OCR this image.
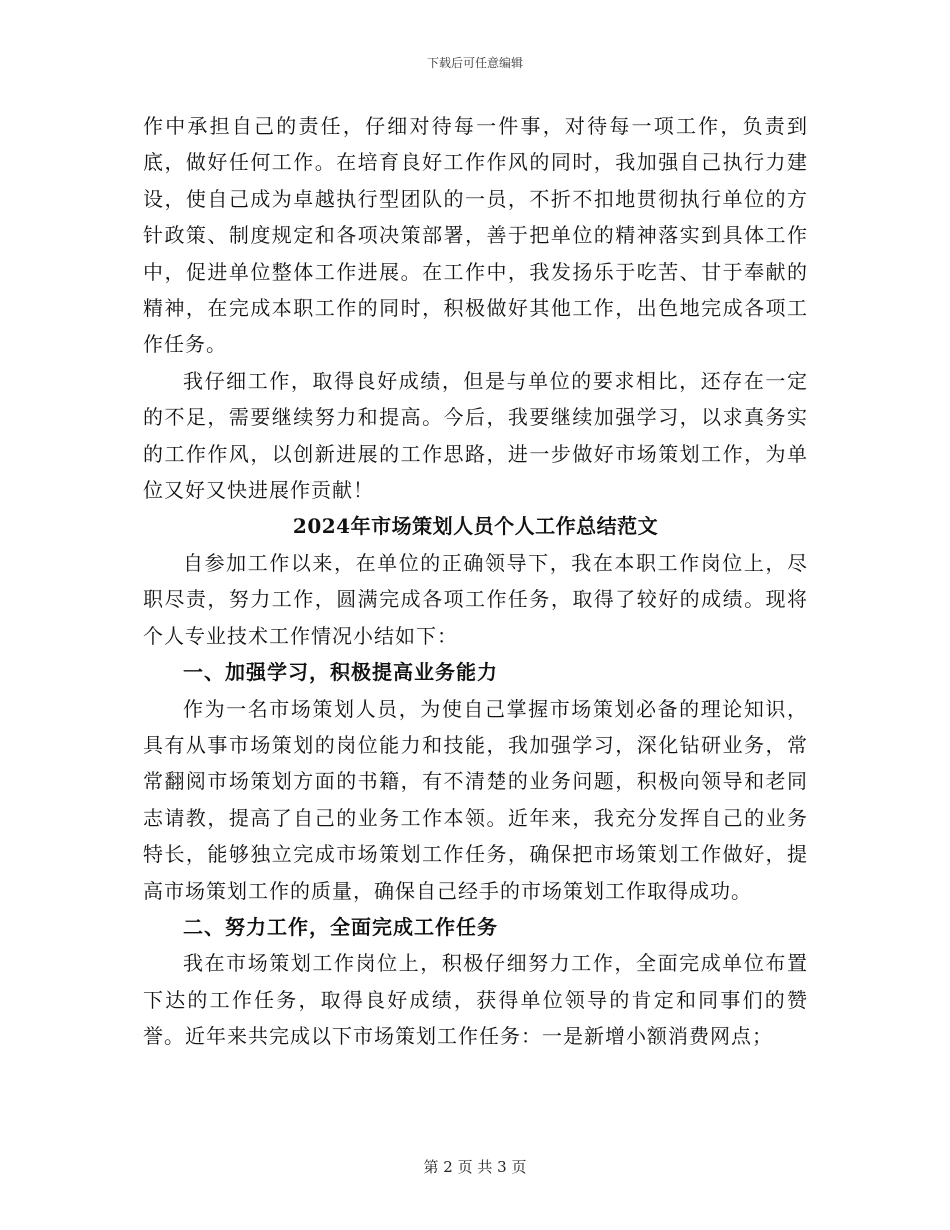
下载后可任意编辑

作中承担自己的责任，仔细对待每一件事，对待每一项工作，负责到底，做好任何工作。在培育良好工作作风的同时，我加强自己执行力建设，使自己成为卓越执行型团队的一员，不折不扣地贯彻执行单位的方针政策、制度规定和各项决策部署，善于把单位的精神落实到具体工作中，促进单位整体工作进展。在工作中，我发扬乐于吃苦、甘于奉献的精神，在完成本职工作的同时，积极做好其他工作，出色地完成各项工作任务。

我仔细工作，取得良好成绩，但是与单位的要求相比，还存在一定的不足，需要继续努力和提高。今后，我要继续加强学习，以求真务实的工作作风，以创新进展的工作思路，进一步做好市场策划工作，为单位又好又快进展作贡献！

2024年市场策划人员个人工作总结范文

自参加工作以来，在单位的正确领导下，我在本职工作岗位上，尽职尽责，努力工作，圆满完成各项工作任务，取得了较好的成绩。现将个人专业技术工作情况小结如下：

一、加强学习，积极提高业务能力

作为一名市场策划人员，为使自己掌握市场策划必备的理论知识，具有从事市场策划的岗位能力和技能，我加强学习，深化钻研业务，常常翻阅市场策划方面的书籍，有不清楚的业务问题，积极向领导和老同志请教，提高了自己的业务工作本领。近年来，我充分发挥自己的业务特长，能够独立完成市场策划工作任务，确保把市场策划工作做好，提高市场策划工作的质量，确保自己经手的市场策划工作取得成功。

二、努力工作，全面完成工作任务

我在市场策划工作岗位上，积极仔细努力工作，全面完成单位布置下达的工作任务，取得良好成绩，获得单位领导的肯定和同事们的赞誉。近年来共完成以下市场策划工作任务：一是新增小额消费网点；

第 2 页 共 3 页
